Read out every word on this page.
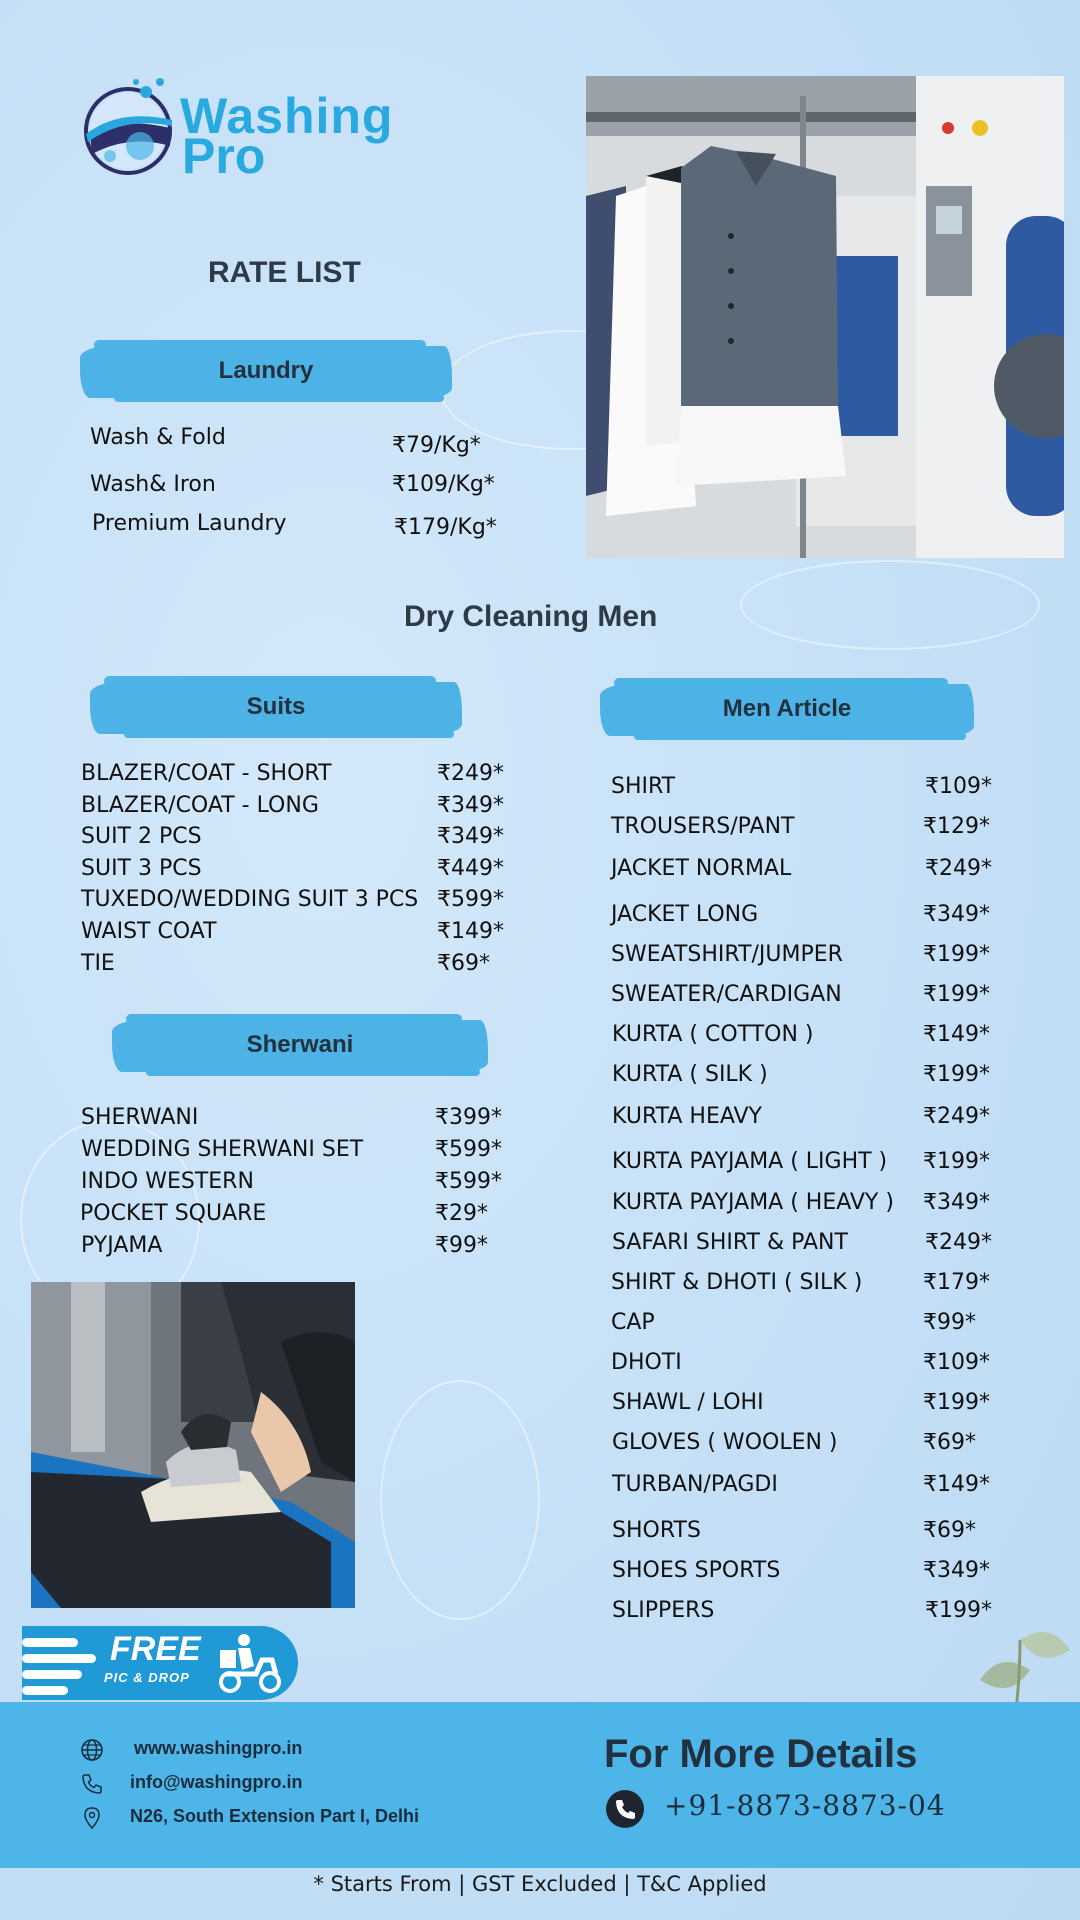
Washing
Pro
RATE LIST
Laundry
Wash & Fold	₹79/Kg*
Wash& Iron	₹109/Kg*
Premium Laundry	₹179/Kg*
Dry Cleaning Men
Suits	Men Article
BLAZER/COAT - SHORT	₹249*
BLAZER/COAT - LONG	₹349*
SUIT 2 PCS	₹349*
SUIT 3 PCS	₹449*
TUXEDO/WEDDING SUIT 3 PCS ₹599*
WAIST COAT	₹149*
TIE	₹69*
Sherwani
SHERWANI	₹399*
WEDDING SHERWANI SET	₹599*
INDO WESTERN	₹599*
POCKET SQUARE	₹29*
PYJAMA	₹99*
SHIRT	₹109*
TROUSERS/PANT	₹129*
JACKET NORMAL	₹249*
JACKET LONG	₹349*
SWEATSHIRT/JUMPER	₹199*
SWEATER/CARDIGAN	₹199*
KURTA ( COTTON )	₹149*
KURTA ( SILK )	₹199*
KURTA HEAVY	₹249*
KURTA PAYJAMA ( LIGHT ) ₹199*
KURTA PAYJAMA ( HEAVY ) ₹349*
SAFARI SHIRT & PANT	₹249*
SHIRT & DHOTI ( SILK )	₹179*
CAP	₹99*
DHOTI	₹109*
SHAWL / LOHI	₹199*
GLOVES ( WOOLEN )	₹69*
TURBAN/PAGDI	₹149*
SHORTS	₹69*
SHOES SPORTS	₹349*
SLIPPERS	₹199*
FREE
PIC & DROP
www.washingpro.in
info@washingpro.in
N26, South Extension Part I, Delhi
For More Details
+91-8873-8873-04
* Starts From | GST Excluded | T&C Applied
